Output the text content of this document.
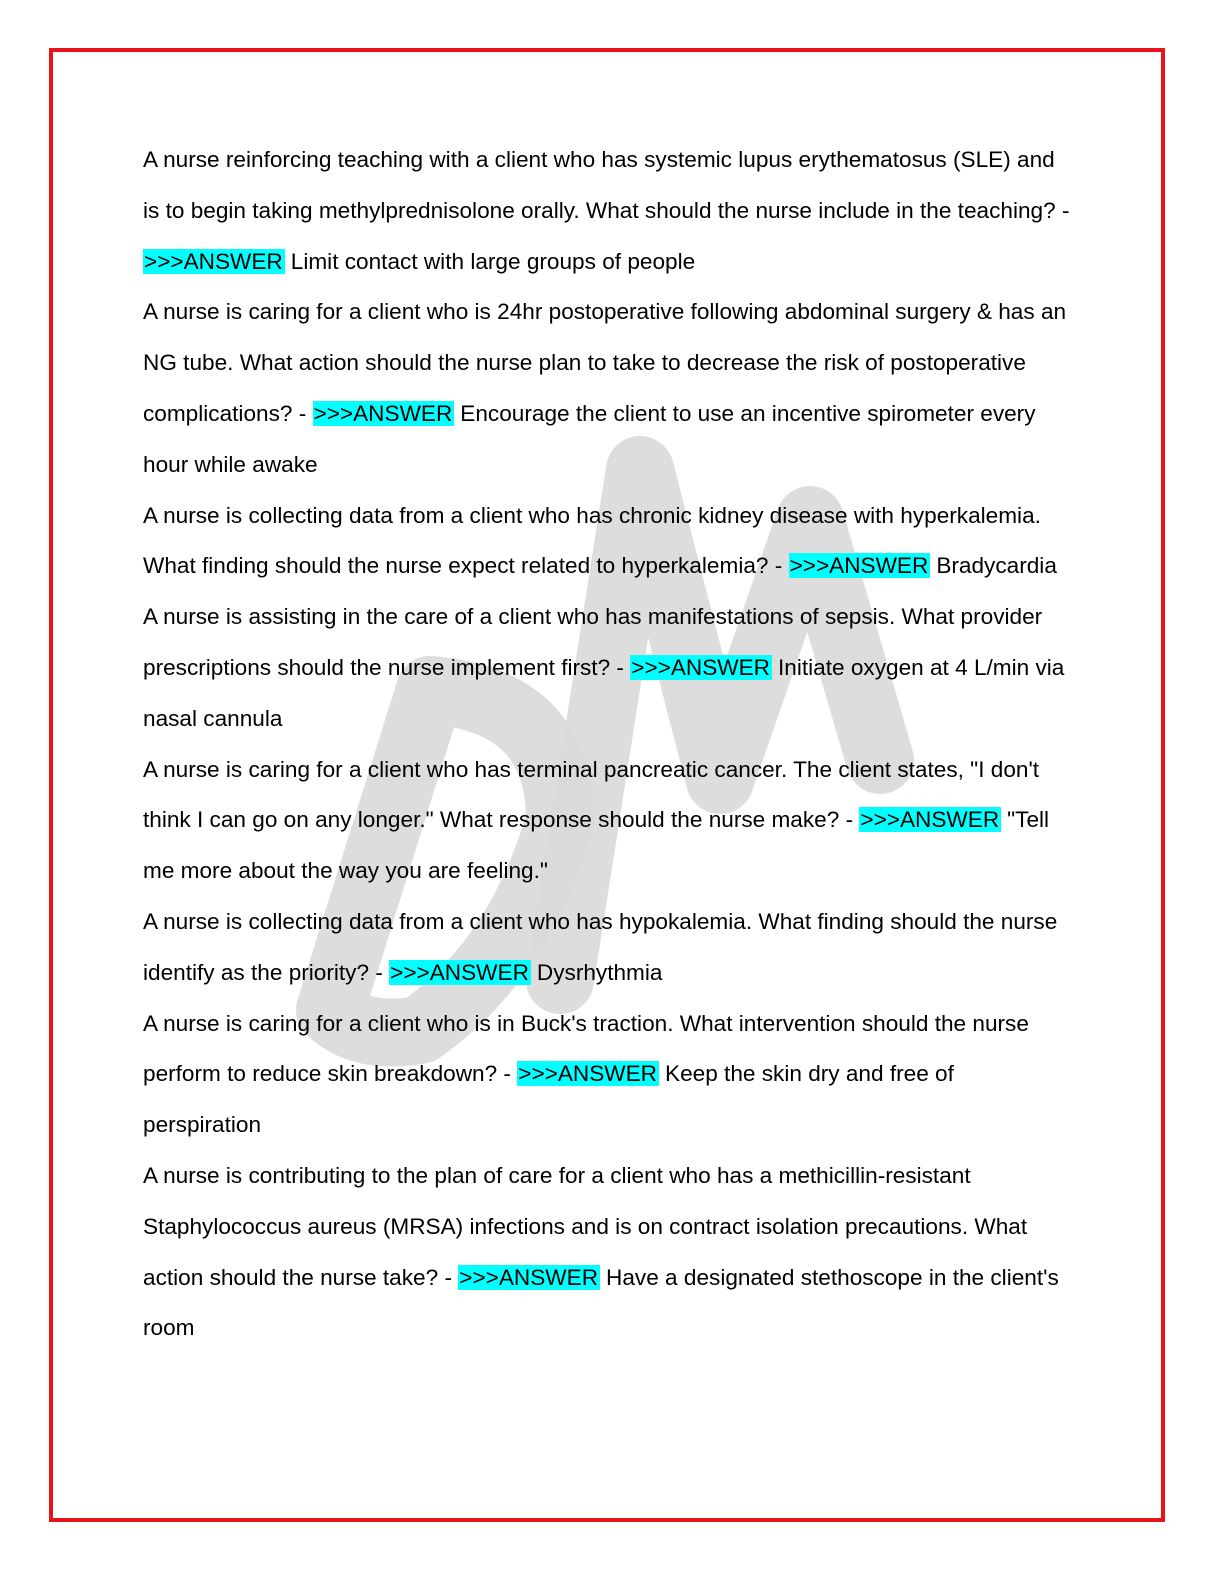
A nurse reinforcing teaching with a client who has systemic lupus erythematosus (SLE) and is to begin taking methylprednisolone orally. What should the nurse include in the teaching? - >>>ANSWER Limit contact with large groups of people

A nurse is caring for a client who is 24hr postoperative following abdominal surgery & has an NG tube. What action should the nurse plan to take to decrease the risk of postoperative complications? - >>>ANSWER Encourage the client to use an incentive spirometer every hour while awake

A nurse is collecting data from a client who has chronic kidney disease with hyperkalemia. What finding should the nurse expect related to hyperkalemia? - >>>ANSWER Bradycardia

A nurse is assisting in the care of a client who has manifestations of sepsis. What provider prescriptions should the nurse implement first? - >>>ANSWER Initiate oxygen at 4 L/min via nasal cannula

A nurse is caring for a client who has terminal pancreatic cancer. The client states, "I don't think I can go on any longer." What response should the nurse make? - >>>ANSWER "Tell me more about the way you are feeling."

A nurse is collecting data from a client who has hypokalemia. What finding should the nurse identify as the priority? - >>>ANSWER Dysrhythmia

A nurse is caring for a client who is in Buck's traction. What intervention should the nurse perform to reduce skin breakdown? - >>>ANSWER Keep the skin dry and free of perspiration

A nurse is contributing to the plan of care for a client who has a methicillin-resistant Staphylococcus aureus (MRSA) infections and is on contract isolation precautions. What action should the nurse take? - >>>ANSWER Have a designated stethoscope in the client's room
